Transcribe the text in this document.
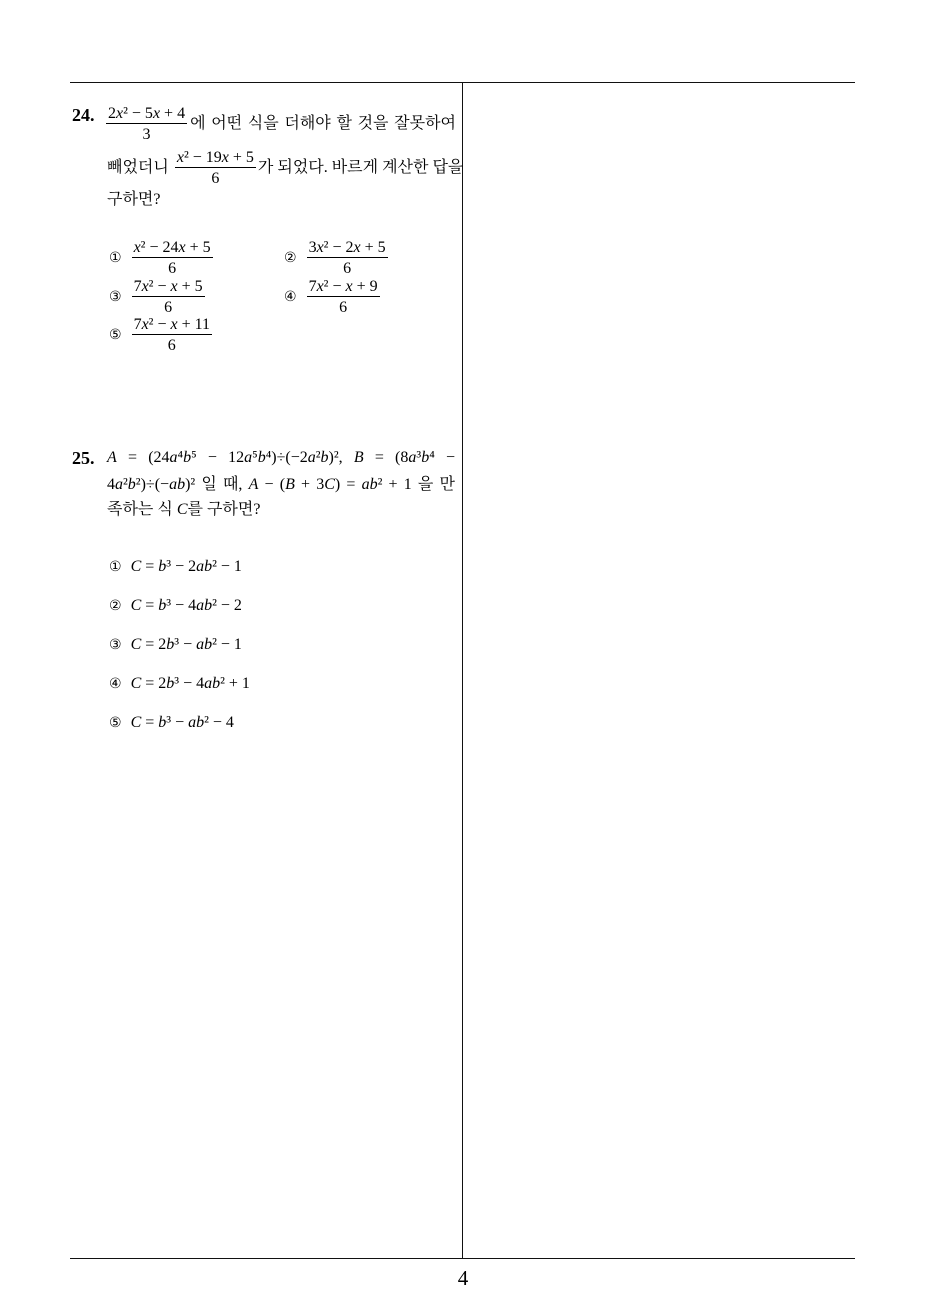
24. $\frac{\text{2x² − 5x + 4}}{3}$ 에 어떤 식을 더해야 할 것을 잘못하여
빼었더니 $\frac{\text{x² − 19x + 5}}{6}$ 가 되었다. 바르게 계산한 답을
구하면?
① $\frac{\text{x² − 24x + 5}}{6}$	② $\frac{\text{3x² − 2x + 5}}{6}$
③ $\frac{\text{7x² − x + 5}}{6}$	④ $\frac{\text{7x² − x + 9}}{6}$
⑤ $\frac{\text{7x² − x + 11}}{6}$
25. A = (24a⁴b⁵ − 12a⁵b⁴)÷(−2a²b)², B = (8a³b⁴ −
4a²b²)÷(−ab)² 일 때, A − (B + 3C) = ab² + 1 을 만
족하는 식 C를 구하면?
① C = b³ − 2ab² − 1
② C = b³ − 4ab² − 2
③ C = 2b³ − ab² − 1
④ C = 2b³ − 4ab² + 1
⑤ C = b³ − ab² − 4
4
